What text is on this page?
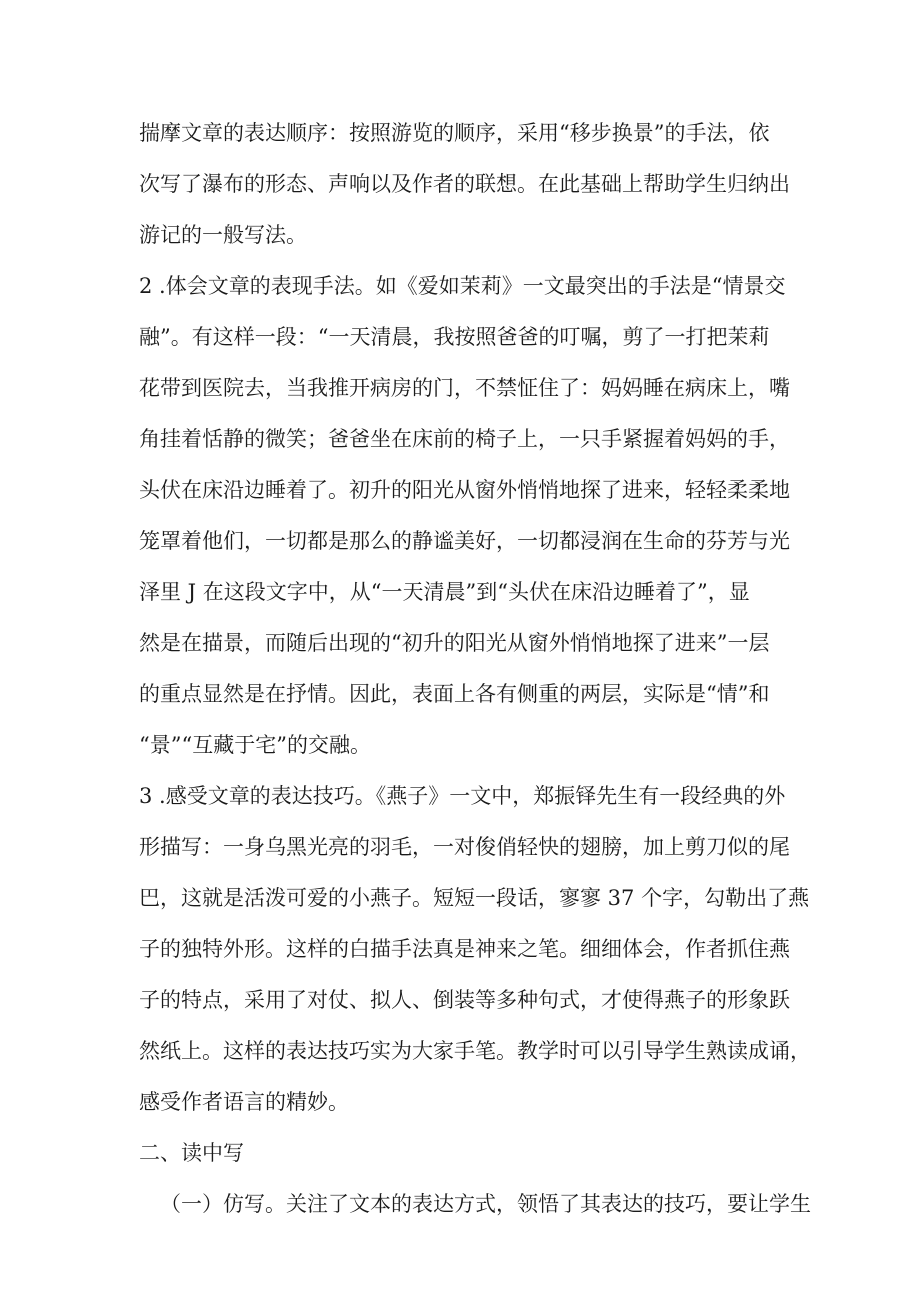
揣摩文章的表达顺序：按照游览的顺序，采用“移步换景”的手法，依
次写了瀑布的形态、声响以及作者的联想。在此基础上帮助学生归纳出
游记的一般写法。
2 .体会文章的表现手法。如《爱如茉莉》一文最突出的手法是“情景交
融”。有这样一段：“一天清晨，我按照爸爸的叮嘱，剪了一打把茉莉
花带到医院去，当我推开病房的门，不禁怔住了：妈妈睡在病床上，嘴
角挂着恬静的微笑；爸爸坐在床前的椅子上，一只手紧握着妈妈的手，
头伏在床沿边睡着了。初升的阳光从窗外悄悄地探了进来，轻轻柔柔地
笼罩着他们，一切都是那么的静谧美好，一切都浸润在生命的芬芳与光
泽里 J 在这段文字中，从“一天清晨”到“头伏在床沿边睡着了”，显
然是在描景，而随后出现的“初升的阳光从窗外悄悄地探了进来”一层
的重点显然是在抒情。因此，表面上各有侧重的两层，实际是“情”和
“景”“互藏于宅”的交融。
3 .感受文章的表达技巧。《燕子》一文中，郑振铎先生有一段经典的外
形描写：一身乌黑光亮的羽毛，一对俊俏轻快的翅膀，加上剪刀似的尾
巴，这就是活泼可爱的小燕子。短短一段话，寥寥 37 个字，勾勒出了燕
子的独特外形。这样的白描手法真是神来之笔。细细体会，作者抓住燕
子的特点，采用了对仗、拟人、倒装等多种句式，才使得燕子的形象跃
然纸上。这样的表达技巧实为大家手笔。教学时可以引导学生熟读成诵，
感受作者语言的精妙。
二、读中写
（一）仿写。关注了文本的表达方式，领悟了其表达的技巧，要让学生
